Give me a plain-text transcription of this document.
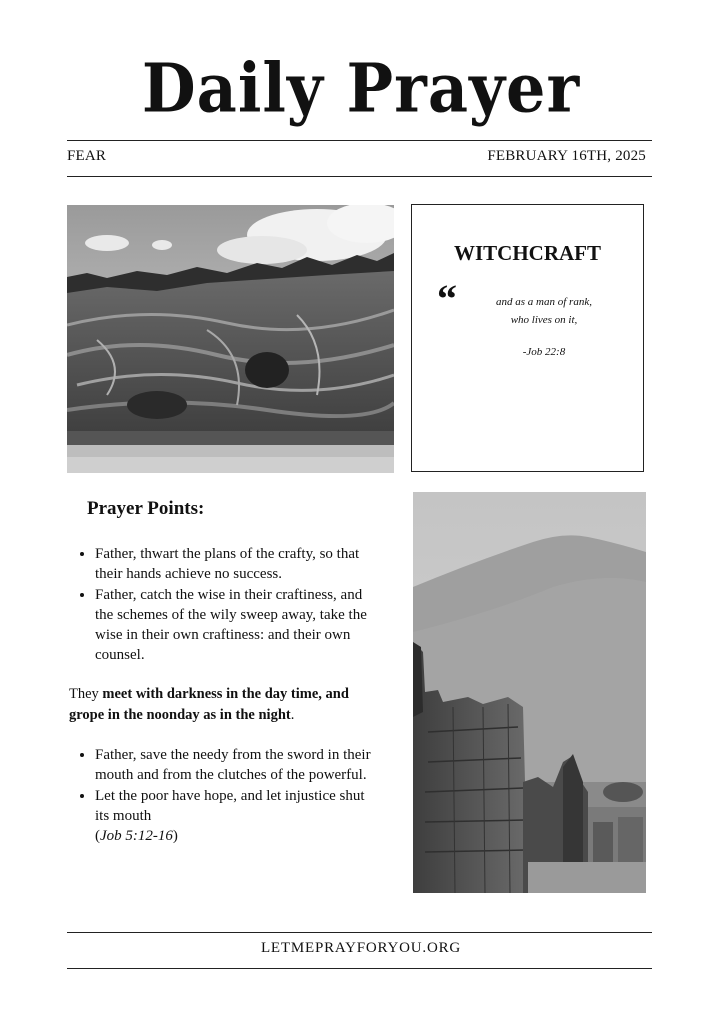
Daily Prayer
FEAR	FEBRUARY 16TH, 2025
WITCHCRAFT
“	and as a man of rank,
who lives on it,
-Job 22:8
Prayer Points:
• Father, thwart the plans of the crafty, so that their hands achieve no success.
• Father, catch the wise in their craftiness, and the schemes of the wily sweep away, take the wise in their own craftiness: and their own counsel.
They meet with darkness in the day time, and grope in the noonday as in the night.
• Father, save the needy from the sword in their mouth and from the clutches of the powerful.
• Let the poor have hope, and let injustice shut its mouth
(Job 5:12-16)
LETMEPRAYFORYOU.ORG
